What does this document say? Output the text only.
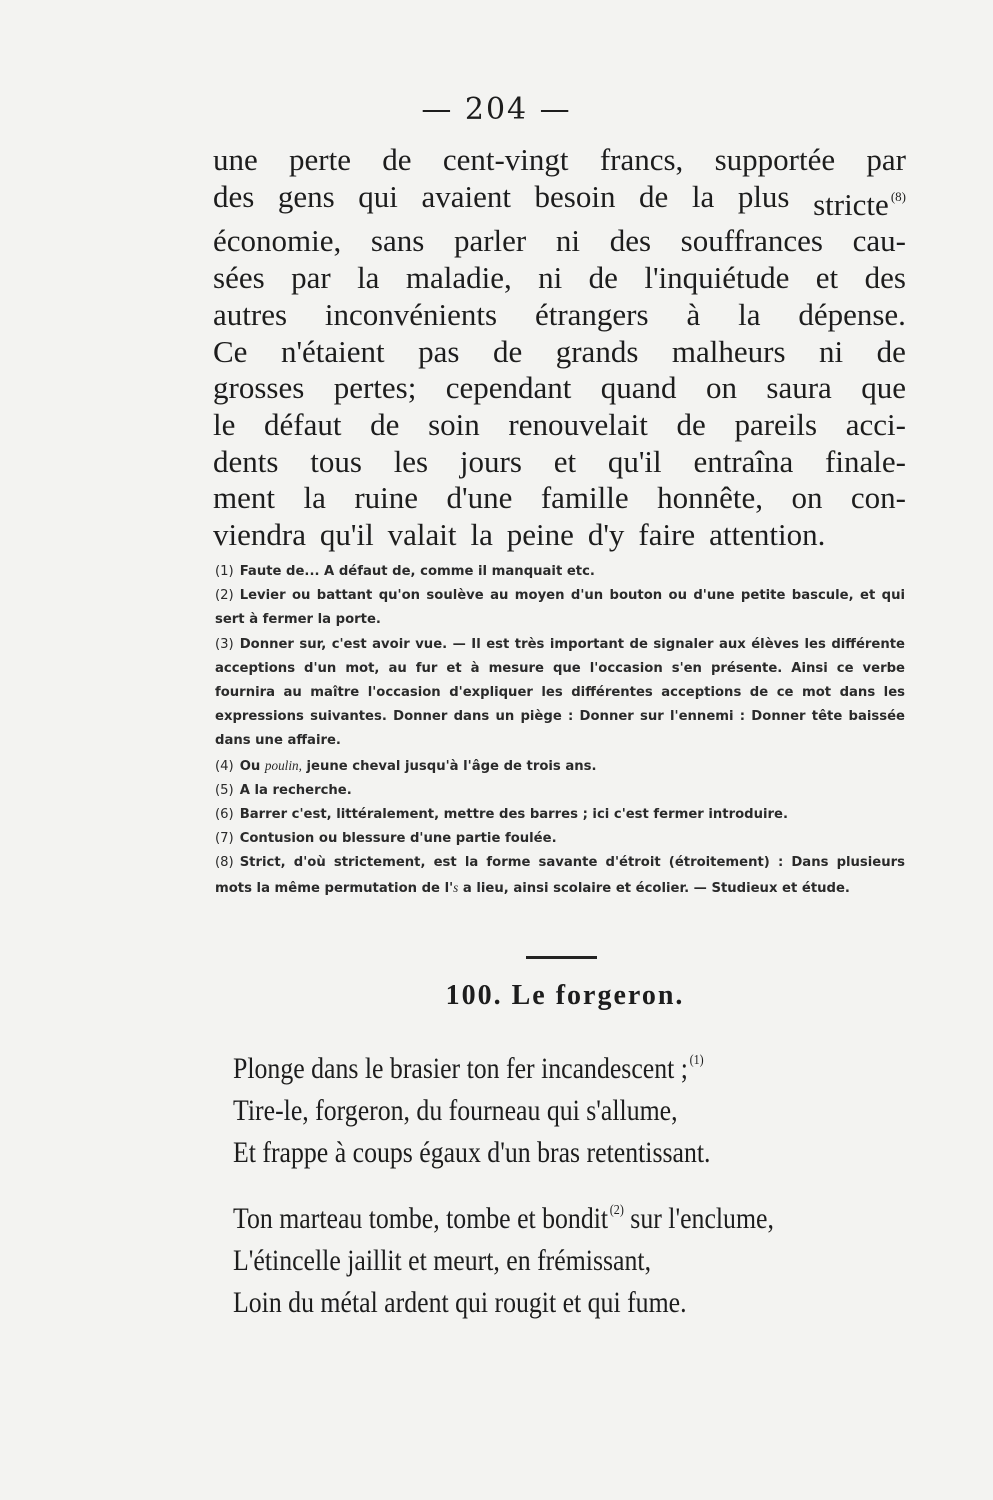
— 204 —
une perte de cent-vingt francs, supportée par
des gens qui avaient besoin de la plus stricte $^{(8)}$
économie, sans parler ni des souffrances cau-
sées par la maladie, ni de l'inquiétude et des
autres inconvénients étrangers à la dépense.
Ce n'étaient pas de grands malheurs ni de
grosses pertes; cependant quand on saura que
le défaut de soin renouvelait de pareils acci-
dents tous les jours et qu'il entraîna finale-
ment la ruine d'une famille honnête, on con-
viendra qu'il valait la peine d'y faire attention.
(1) Faute de... A défaut de, comme il manquait etc.
(2) Levier ou battant qu'on soulève au moyen d'un bouton ou d'une petite bascule, et qui sert à fermer la porte.
(3) Donner sur, c'est avoir vue. — Il est très important de signaler aux élèves les différente acceptions d'un mot, au fur et à mesure que l'occasion s'en présente. Ainsi ce verbe fournira au maître l'occasion d'expliquer les différentes acceptions de ce mot dans les expressions suivantes. Donner dans un piège : Donner sur l'ennemi : Donner tête baissée dans une affaire.
(4) Ou poulin, jeune cheval jusqu'à l'âge de trois ans.
(5) A la recherche.
(6) Barrer c'est, littéralement, mettre des barres ; ici c'est fermer introduire.
(7) Contusion ou blessure d'une partie foulée.
(8) Strict, d'où strictement, est la forme savante d'étroit (étroitement) : Dans plusieurs mots la même permutation de l's a lieu, ainsi scolaire et écolier. — Studieux et étude.
100. Le forgeron.
Plonge dans le brasier ton fer incandescent ; $^{(1)}$
Tire-le, forgeron, du fourneau qui s'allume,
Et frappe à coups égaux d'un bras retentissant.
Ton marteau tombe, tombe et bondit $^{(2)}$ sur l'enclume,
L'étincelle jaillit et meurt, en frémissant,
Loin du métal ardent qui rougit et qui fume.
